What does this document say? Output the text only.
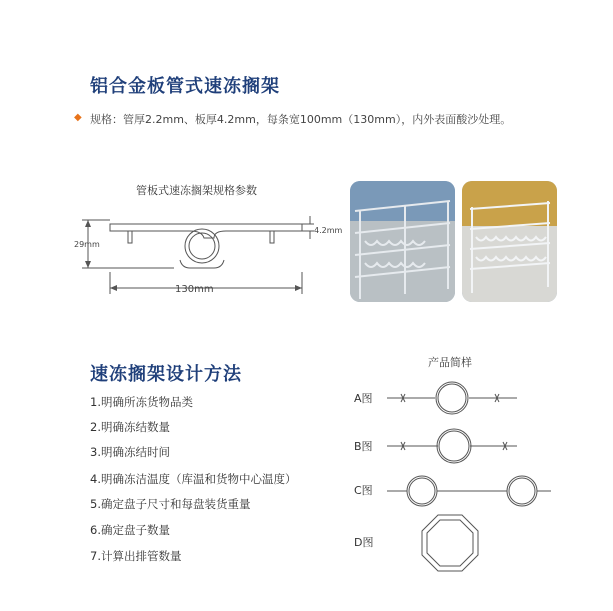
铝合金板管式速冻搁架
◆ 规格：管厚2.2mm、板厚4.2mm，每条宽100mm（130mm），内外表面酸沙处理。
管板式速冻搁架规格参数
29mm
4.2mm
130mm
速冻搁架设计方法
1.明确所冻货物品类
2.明确冻结数量
3.明确冻结时间
4.明确冻洁温度（库温和货物中心温度）
5.确定盘子尺寸和每盘装货重量
6.确定盘子数量
7.计算出排管数量
产品简样
A图
B图
C图
D图
